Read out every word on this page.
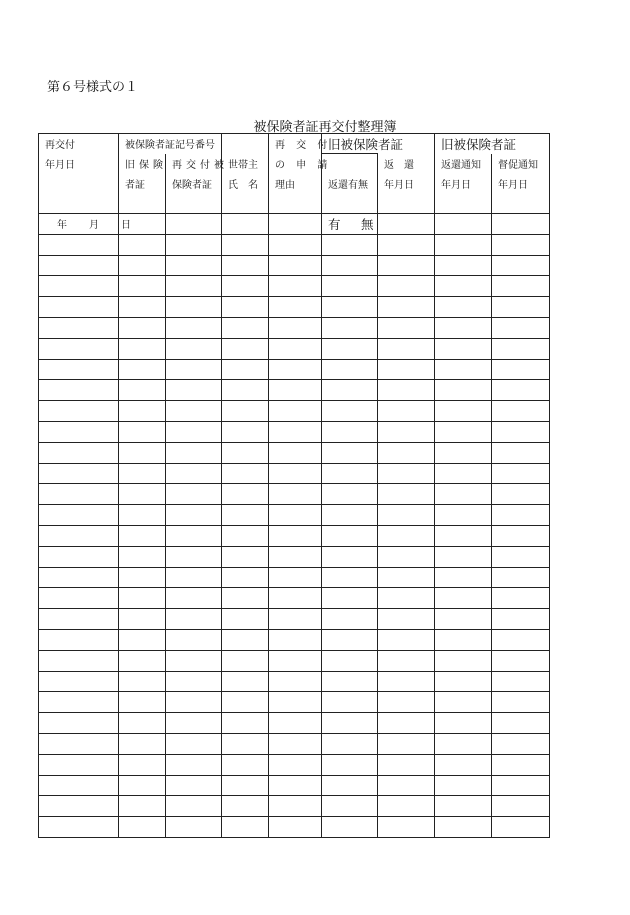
第６号様式の１
被保険者証再交付整理簿
再交付	被保険者証記号番号			再 交 付	旧被保険者証		旧被保険者証	
年月日	旧保険	再交付被	世帯主	の 申 請		返　還	返還通知	督促通知
	者証	保険者証	氏　名	理由	返還有無	年月日	年月日	年月日
年　月　日					有　無			
